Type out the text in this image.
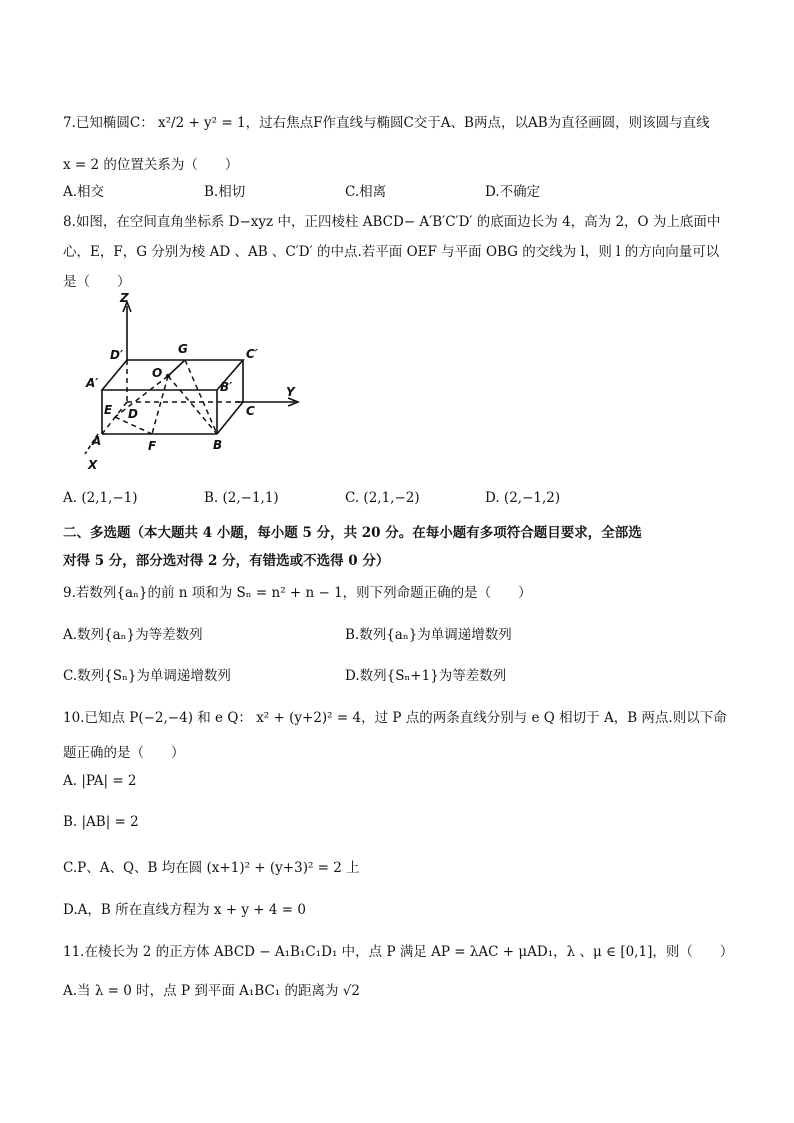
7.已知椭圆C： x²/2 + y² = 1，过右焦点F作直线与椭圆C交于A、B两点，以AB为直径画圆，则该圆与直线
x = 2 的位置关系为（　　）
A.相交	B.相切	C.相离	D.不确定
8.如图，在空间直角坐标系 D−xyz 中，正四棱柱 ABCD− A′B′C′D′ 的底面边长为 4，高为 2，O 为上底面中
心，E，F，G 分别为棱 AD 、AB 、C′D′ 的中点.若平面 OEF 与平面 OBG 的交线为 l，则 l 的方向向量可以
是（　　）
Z
D′	G	C′
A′
O
B′	Y
E D	C
A	F	B
X
A. (2,1,−1)	B. (2,−1,1)	C. (2,1,−2)	D. (2,−1,2)
二、多选题（本大题共 4 小题，每小题 5 分，共 20 分。在每小题有多项符合题目要求，全部选
对得 5 分，部分选对得 2 分，有错选或不选得 0 分）
9.若数列{aₙ}的前 n 项和为 Sₙ = n² + n − 1，则下列命题正确的是（　　）
A.数列{aₙ}为等差数列	B.数列{aₙ}为单调递增数列
C.数列{Sₙ}为单调递增数列	D.数列{Sₙ+1}为等差数列
10.已知点 P(−2,−4) 和 e Q： x² + (y+2)² = 4，过 P 点的两条直线分别与 e Q 相切于 A，B 两点.则以下命
题正确的是（　　）
A. |PA| = 2
B. |AB| = 2
C.P、A、Q、B 均在圆 (x+1)² + (y+3)² = 2 上
D.A，B 所在直线方程为 x + y + 4 = 0
11.在棱长为 2 的正方体 ABCD − A₁B₁C₁D₁ 中，点 P 满足 AP = λAC + μAD₁，λ 、μ ∈ [0,1]，则（　　）
A.当 λ = 0 时，点 P 到平面 A₁BC₁ 的距离为 √2
